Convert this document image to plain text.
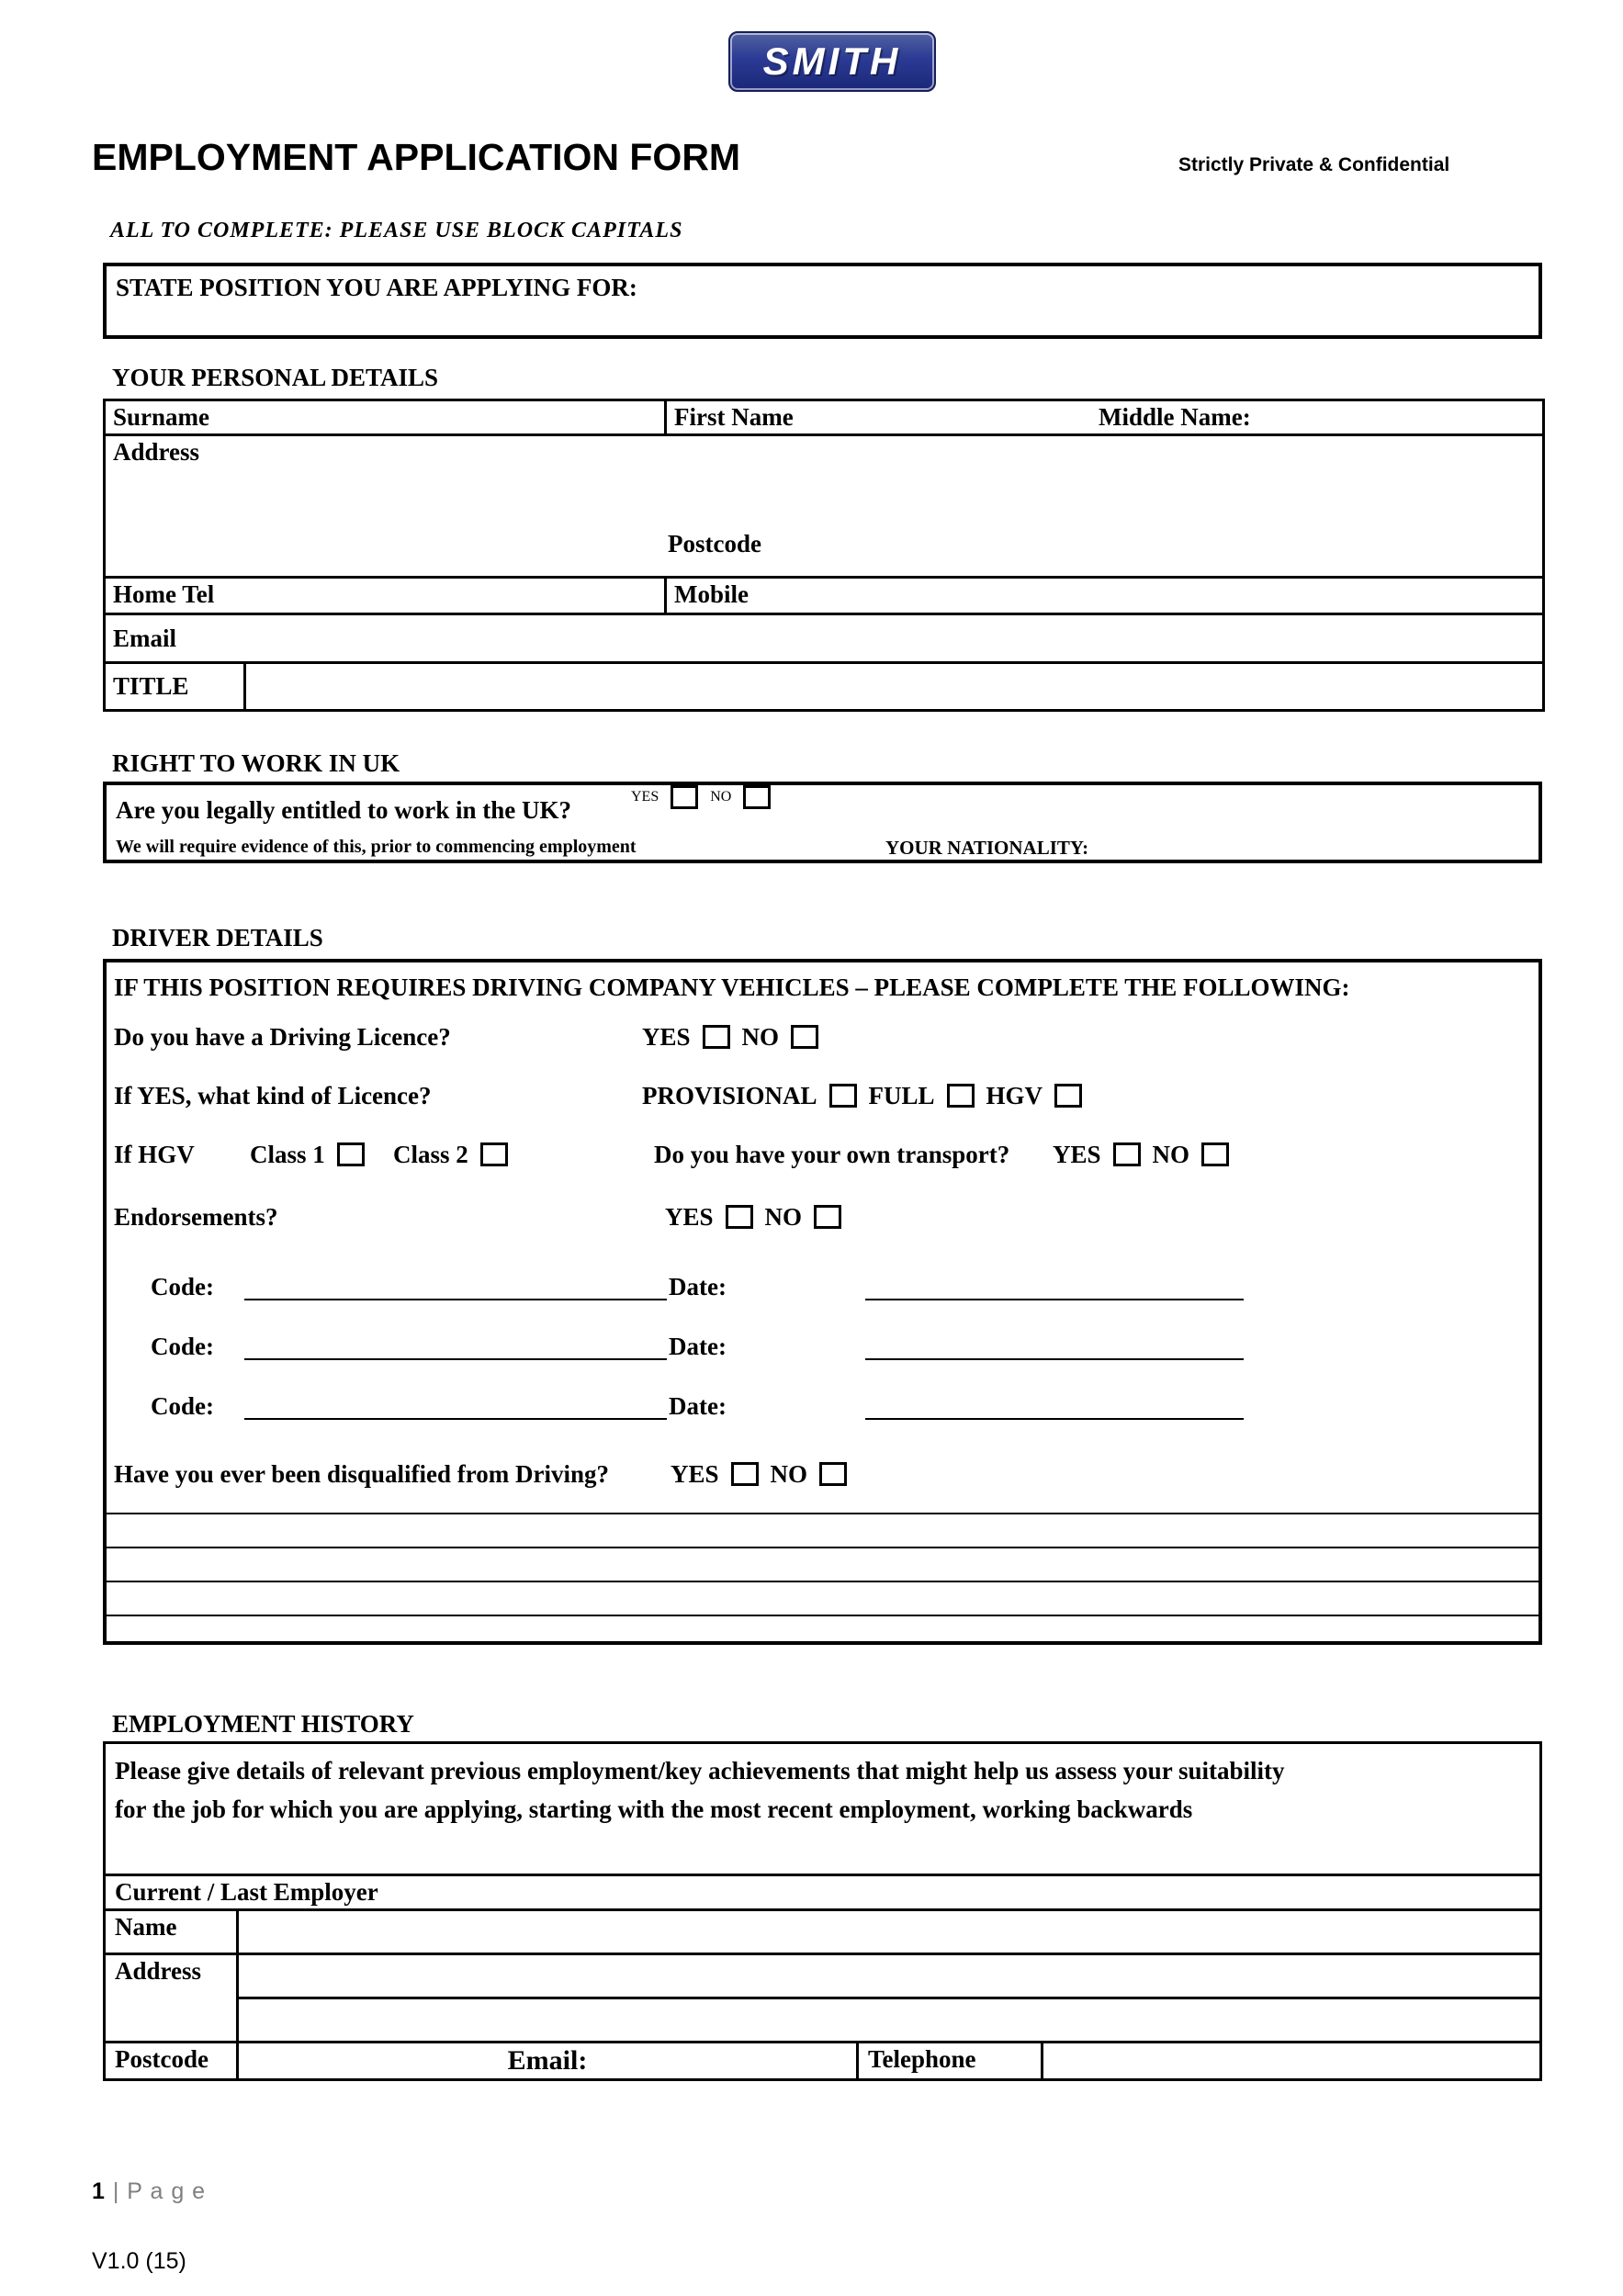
SMITH
EMPLOYMENT APPLICATION FORM	Strictly Private & Confidential
ALL TO COMPLETE: PLEASE USE BLOCK CAPITALS
STATE POSITION YOU ARE APPLYING FOR:
YOUR PERSONAL DETAILS
Surname		First Name Middle Name:

Address
Postcode		

Home Tel		Mobile
Email		
TITLE		
RIGHT TO WORK IN UK
Are you legally entitled to work in the UK?	YES	NO
We will require evidence of this, prior to commencing employment	YOUR NATIONALITY:
DRIVER DETAILS
IF THIS POSITION REQUIRES DRIVING COMPANY VEHICLES – PLEASE COMPLETE THE FOLLOWING:
Do you have a Driving Licence?	YES NO
If YES, what kind of Licence?	PROVISIONAL FULL HGV
If HGV Class 1	Class 2	Do you have your own transport? YES NO
Endorsements?	YES NO
Code:	Date:
Code:	Date:
Code:	Date:
Have you ever been disqualified from Driving? YES NO
EMPLOYMENT HISTORY
Please give details of relevant previous employment/key achievements that might help us assess your suitability
for the job for which you are applying, starting with the most recent employment, working backwards
Current / Last Employer			
Name			
Address			

Postcode	Email:	Telephone	
1 | P a g e
V1.0 (15)
